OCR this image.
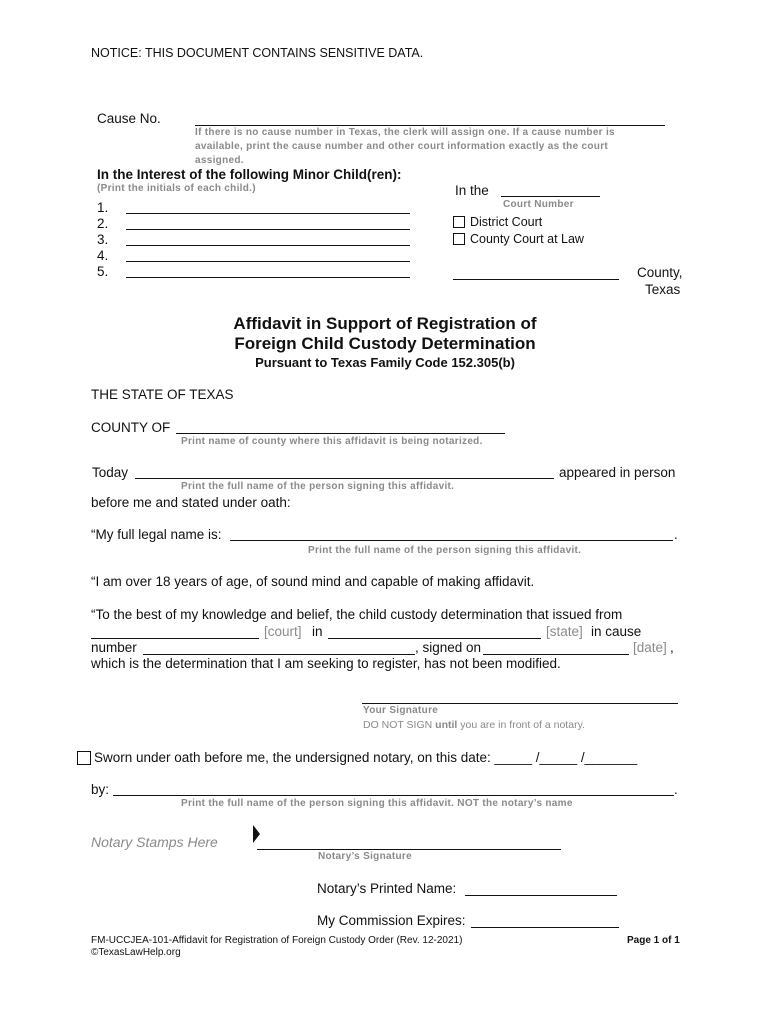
NOTICE: THIS DOCUMENT CONTAINS SENSITIVE DATA.
Cause No.
If there is no cause number in Texas, the clerk will assign one. If a cause number is
available, print the cause number and other court information exactly as the court
assigned.
In the Interest of the following Minor Child(ren):
(Print the initials of each child.)
1.
2.
3.
4.
5.
In the
Court Number
District Court
County Court at Law
County,
Texas
Affidavit in Support of Registration of
Foreign Child Custody Determination
Pursuant to Texas Family Code 152.305(b)
THE STATE OF TEXAS
COUNTY OF
Print name of county where this affidavit is being notarized.
Today	appeared in person
Print the full name of the person signing this affidavit.
before me and stated under oath:
“My full legal name is:	.
Print the full name of the person signing this affidavit.
“I am over 18 years of age, of sound mind and capable of making affidavit.
“To the best of my knowledge and belief, the child custody determination that issued from
[court] in	[state] in cause
number	, signed on	[date] ,
which is the determination that I am seeking to register, has not been modified.
Your Signature
DO NOT SIGN until you are in front of a notary.
Sworn under oath before me, the undersigned notary, on this date: _____ /_____ /_______
by:	.
Print the full name of the person signing this affidavit. NOT the notary’s name
Notary Stamps Here
Notary’s Signature
Notary’s Printed Name:
My Commission Expires:
FM-UCCJEA-101-Affidavit for Registration of Foreign Custody Order (Rev. 12-2021)
©TexasLawHelp.org
Page 1 of 1
